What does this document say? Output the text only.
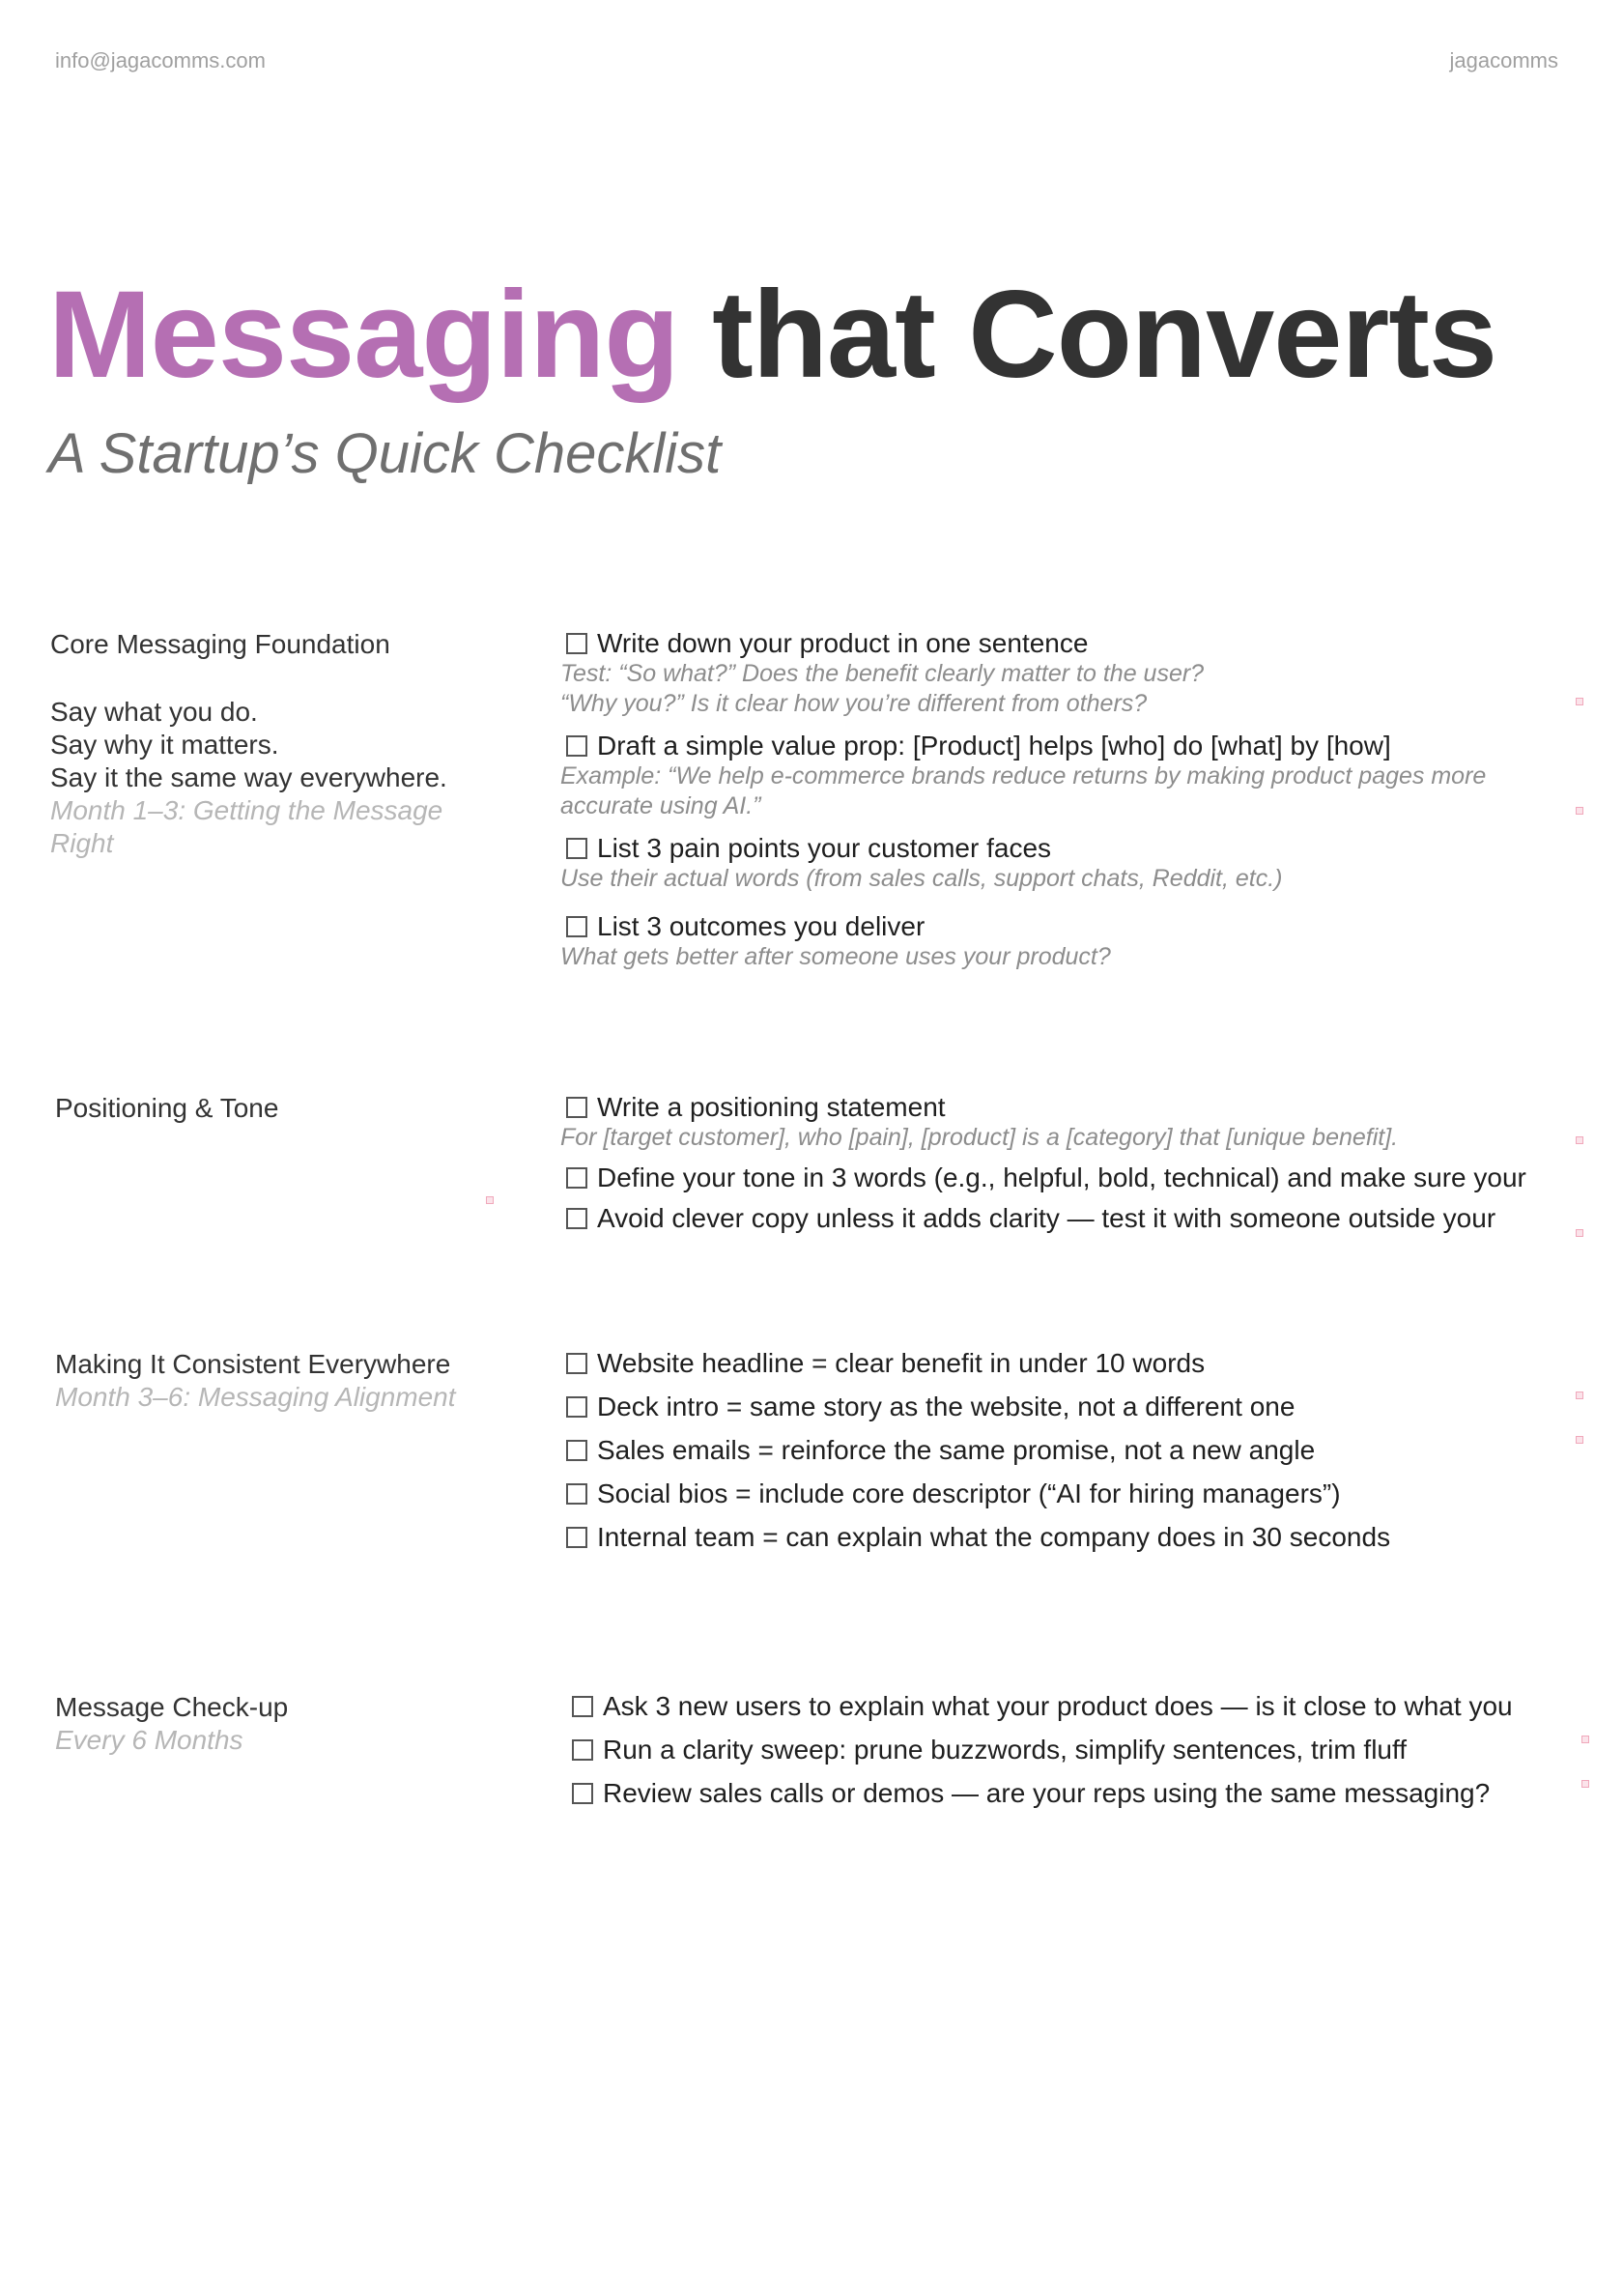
info@jagacomms.com	jagacomms
Messaging that Converts
A Startup’s Quick Checklist
Core Messaging Foundation
Say what you do.
Say why it matters.
Say it the same way everywhere.
Month 1–3: Getting the Message Right
Write down your product in one sentence
Test: “So what?” Does the benefit clearly matter to the user?
“Why you?” Is it clear how you’re different from others?
Draft a simple value prop: [Product] helps [who] do [what] by [how]
Example: “We help e-commerce brands reduce returns by making product pages more
accurate using AI.”
List 3 pain points your customer faces
Use their actual words (from sales calls, support chats, Reddit, etc.)
List 3 outcomes you deliver
What gets better after someone uses your product?
Positioning & Tone	Write a positioning statement
For [target customer], who [pain], [product] is a [category] that [unique benefit].
Define your tone in 3 words (e.g., helpful, bold, technical) and make sure your
Avoid clever copy unless it adds clarity — test it with someone outside your
Making It Consistent Everywhere
Month 3–6: Messaging Alignment
Website headline = clear benefit in under 10 words
Deck intro = same story as the website, not a different one
Sales emails = reinforce the same promise, not a new angle
Social bios = include core descriptor (“AI for hiring managers”)
Internal team = can explain what the company does in 30 seconds
Message Check-up
Every 6 Months
Ask 3 new users to explain what your product does — is it close to what you
Run a clarity sweep: prune buzzwords, simplify sentences, trim fluff
Review sales calls or demos — are your reps using the same messaging?
